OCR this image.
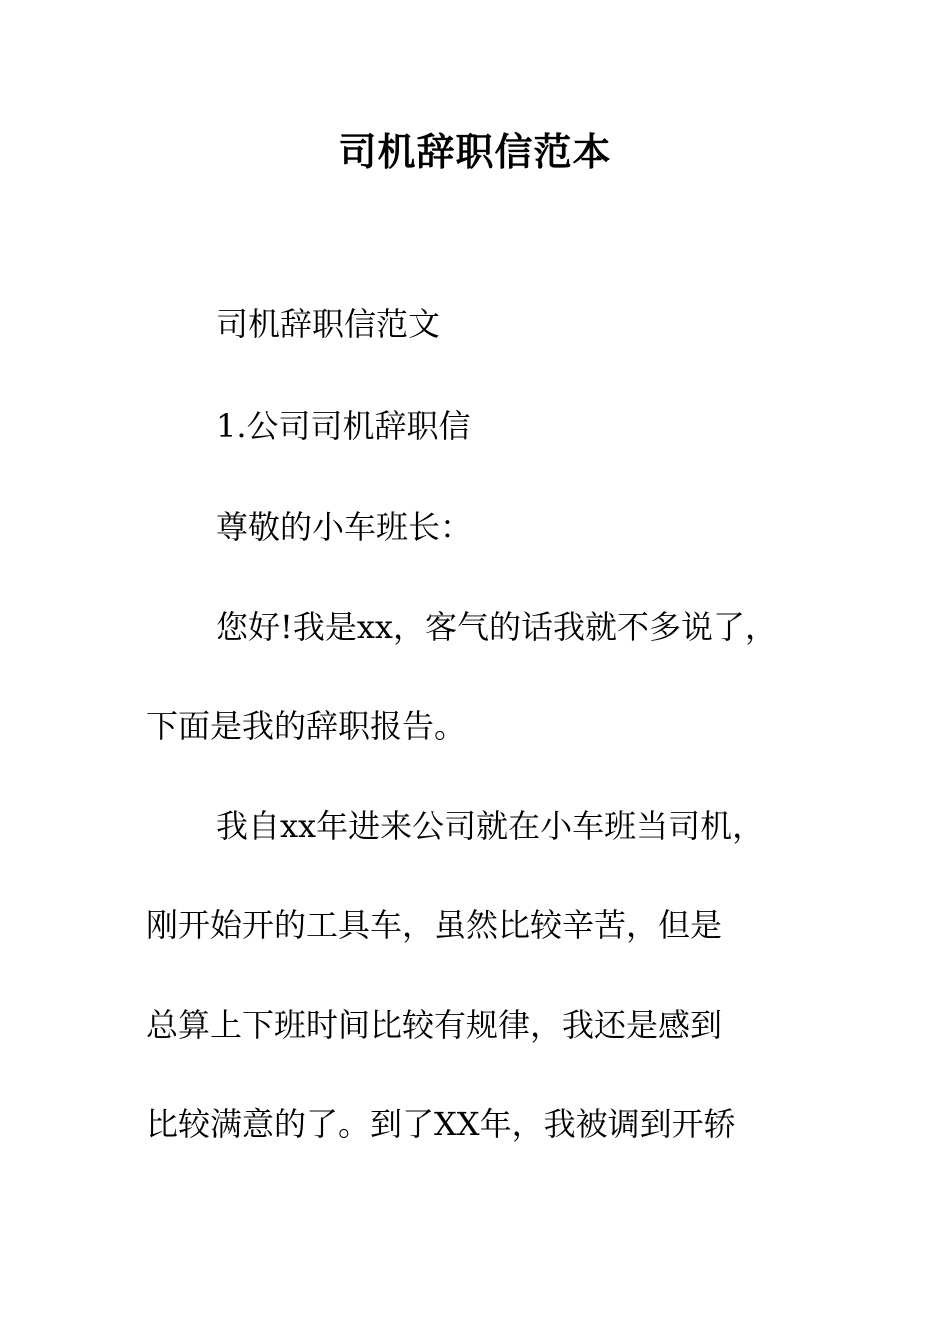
司机辞职信范本

司机辞职信范文

1.公司司机辞职信

尊敬的小车班长：

您好!我是xx，客气的话我就不多说了，

下面是我的辞职报告。

我自xx年进来公司就在小车班当司机，

刚开始开的工具车，虽然比较辛苦，但是

总算上下班时间比较有规律，我还是感到

比较满意的了。到了XX年，我被调到开轿
